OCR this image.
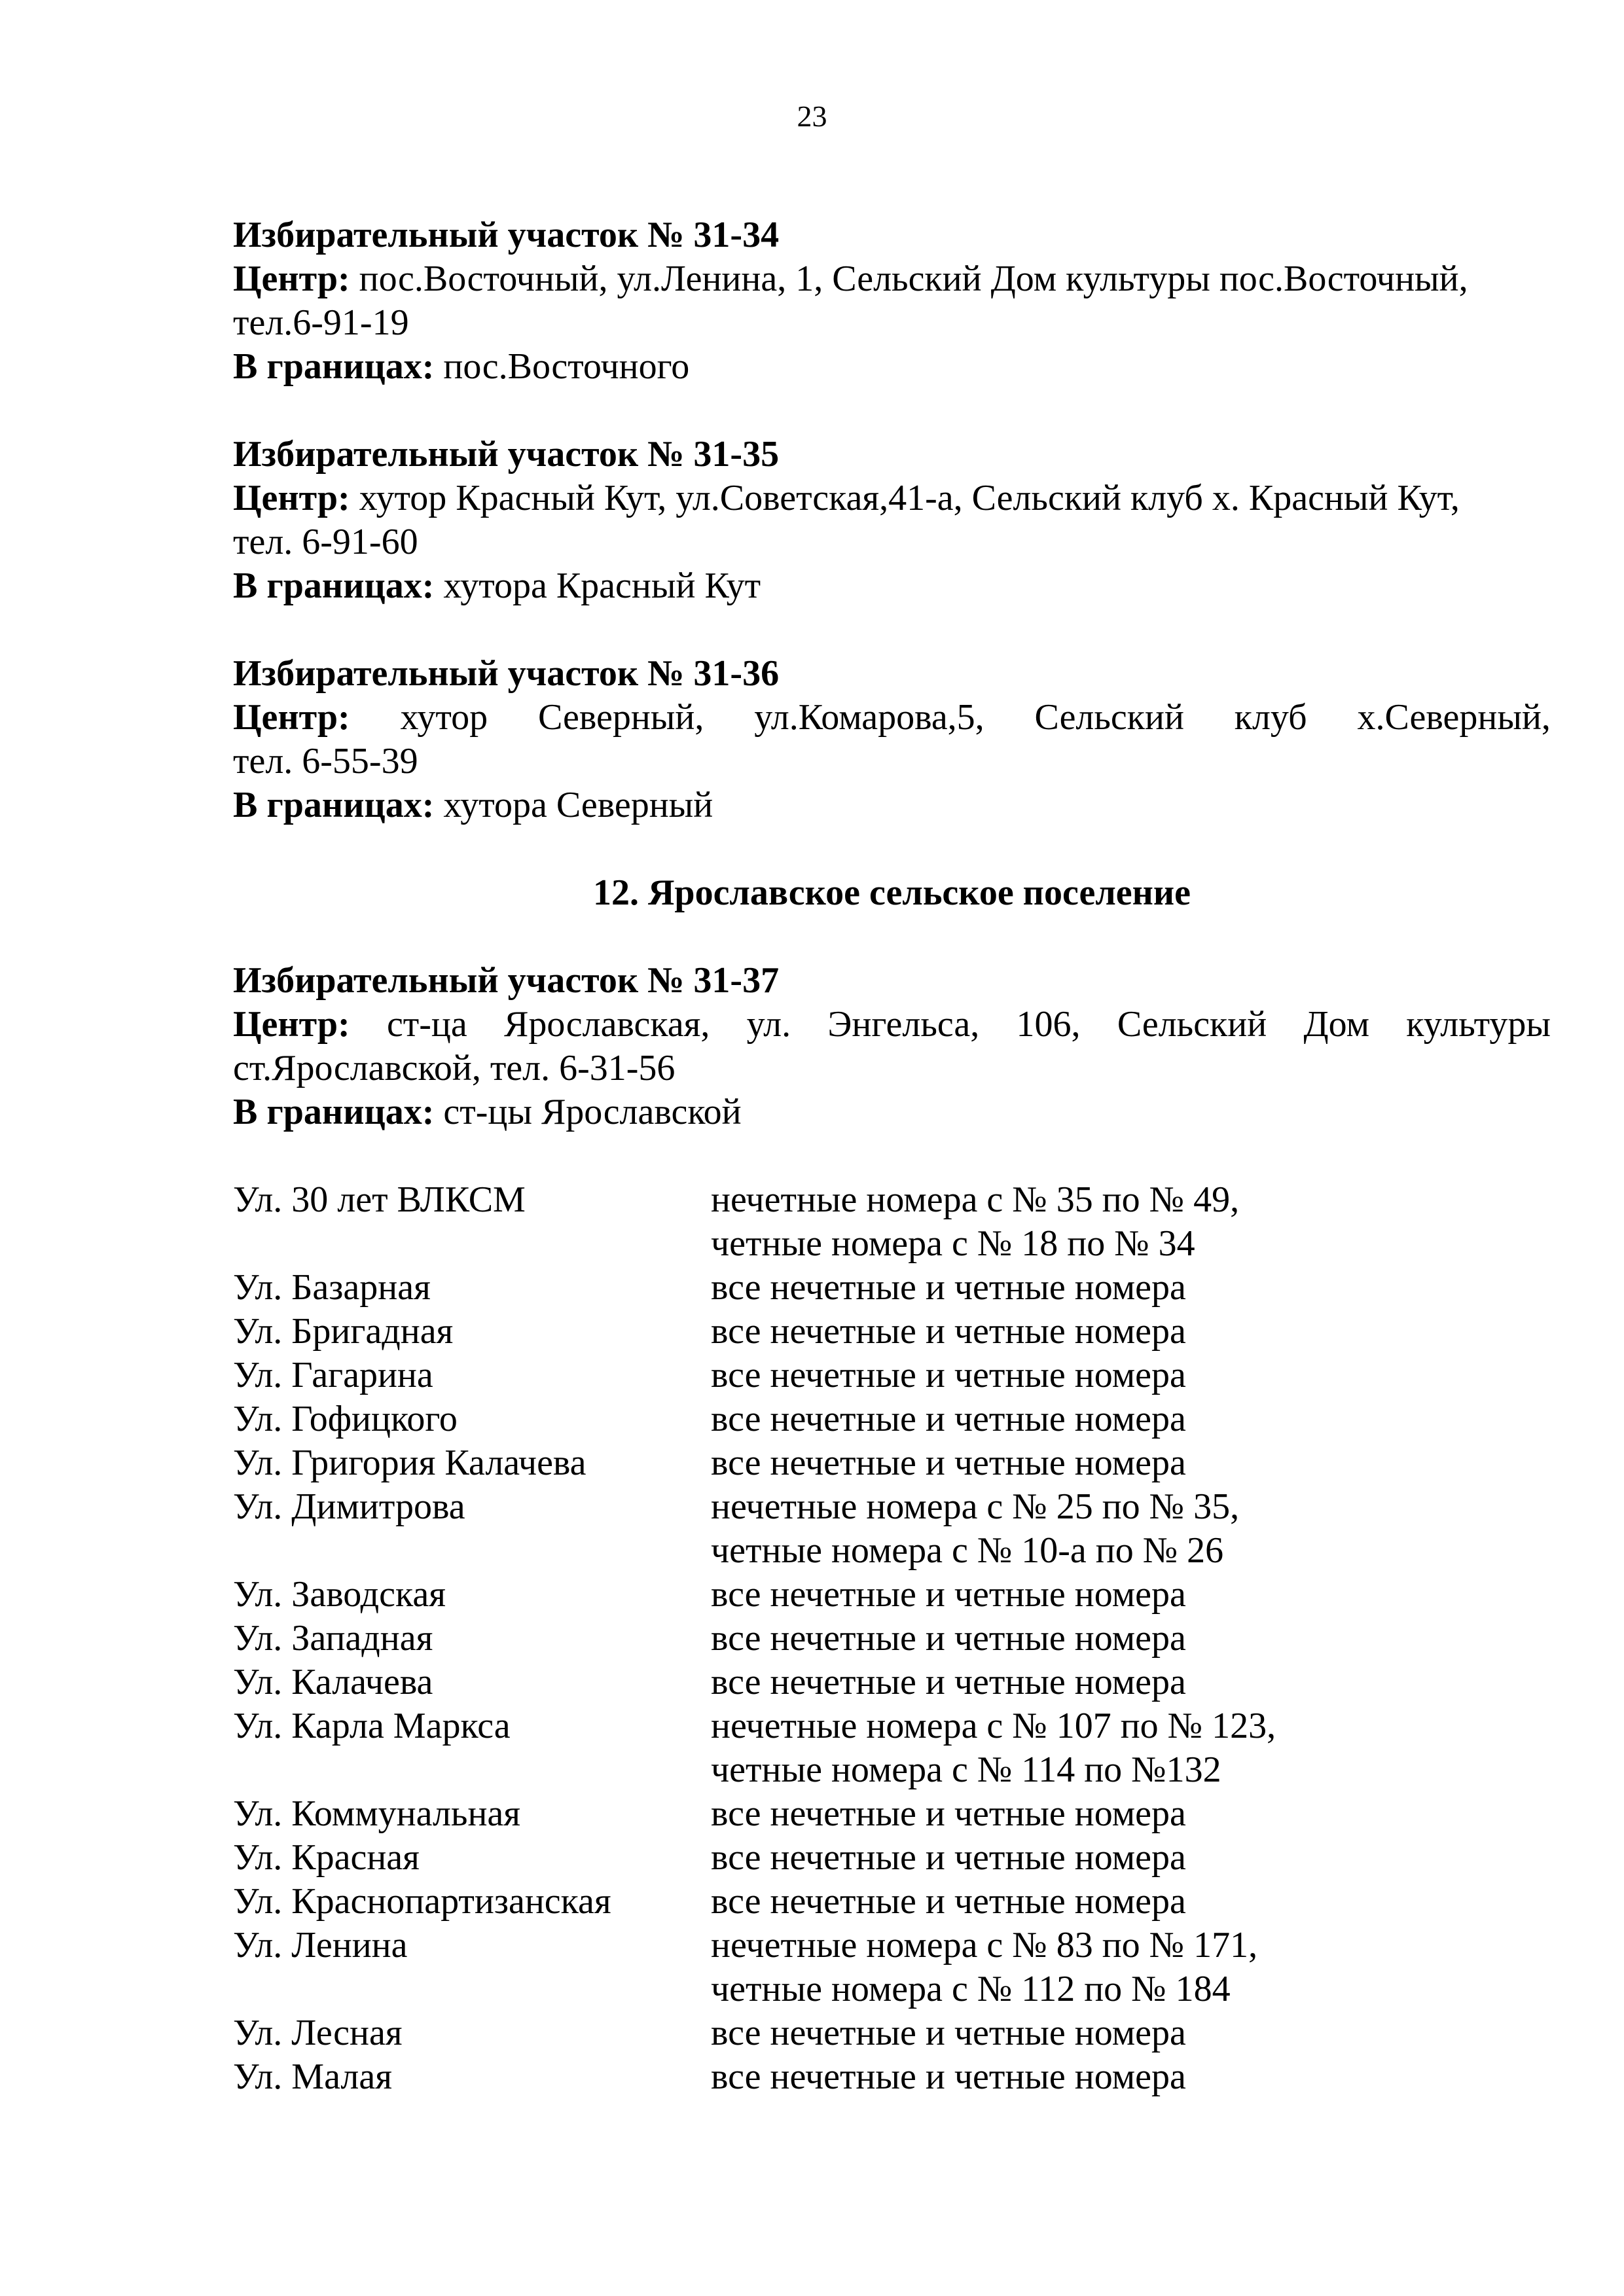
23
Избирательный участок № 31-34
Центр: пос.Восточный, ул.Ленина, 1, Сельский Дом культуры пос.Восточный,
тел.6-91-19
В границах: пос.Восточного
Избирательный участок № 31-35
Центр: хутор Красный Кут, ул.Советская,41-а, Сельский клуб х. Красный Кут,
тел. 6-91-60
В границах: хутора Красный Кут
Избирательный участок № 31-36
Центр: хутор Северный, ул.Комарова,5, Сельский клуб х.Северный,
тел. 6-55-39
В границах: хутора Северный
12. Ярославское сельское поселение
Избирательный участок № 31-37
Центр: ст-ца Ярославская, ул. Энгельса, 106, Сельский Дом культуры
ст.Ярославской, тел. 6-31-56
В границах: ст-цы Ярославской
Ул. 30 лет ВЛКСМ	нечетные номера с № 35 по № 49,
четные номера с № 18 по № 34
Ул. Базарная	все нечетные и четные номера
Ул. Бригадная	все нечетные и четные номера
Ул. Гагарина	все нечетные и четные номера
Ул. Гофицкого	все нечетные и четные номера
Ул. Григория Калачева	все нечетные и четные номера
Ул. Димитрова	нечетные номера с № 25 по № 35,
четные номера с № 10-а по № 26
Ул. Заводская	все нечетные и четные номера
Ул. Западная	все нечетные и четные номера
Ул. Калачева	все нечетные и четные номера
Ул. Карла Маркса	нечетные номера с № 107 по № 123,
четные номера с № 114 по №132
Ул. Коммунальная	все нечетные и четные номера
Ул. Красная	все нечетные и четные номера
Ул. Краснопартизанская	все нечетные и четные номера
Ул. Ленина	нечетные номера с № 83 по № 171,
четные номера с № 112 по № 184
Ул. Лесная	все нечетные и четные номера
Ул. Малая	все нечетные и четные номера
